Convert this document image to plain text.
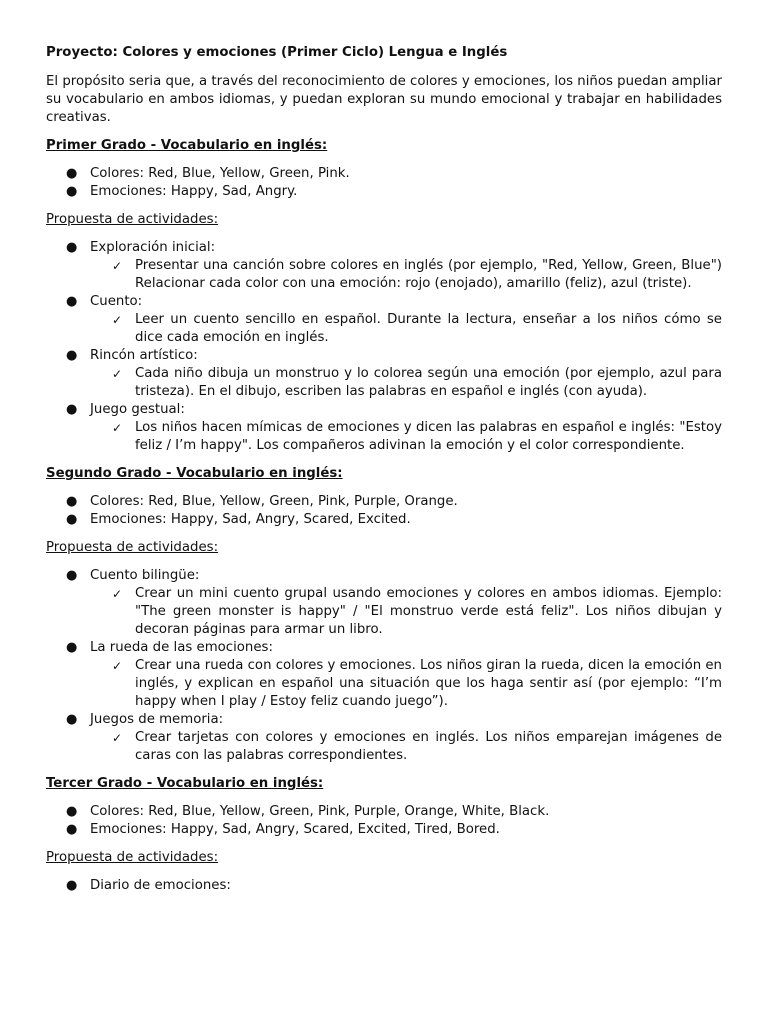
Proyecto: Colores y emociones (Primer Ciclo) Lengua e Inglés

El propósito seria que, a través del reconocimiento de colores y emociones, los niños puedan ampliar su vocabulario en ambos idiomas, y puedan exploran su mundo emocional y trabajar en habilidades creativas.

Primer Grado - Vocabulario en inglés:
● Colores: Red, Blue, Yellow, Green, Pink.
● Emociones: Happy, Sad, Angry.
Propuesta de actividades:
● Exploración inicial:
✓ Presentar una canción sobre colores en inglés (por ejemplo, "Red, Yellow, Green, Blue") Relacionar cada color con una emoción: rojo (enojado), amarillo (feliz), azul (triste).
● Cuento:
✓ Leer un cuento sencillo en español. Durante la lectura, enseñar a los niños cómo se dice cada emoción en inglés.
● Rincón artístico:
✓ Cada niño dibuja un monstruo y lo colorea según una emoción (por ejemplo, azul para tristeza). En el dibujo, escriben las palabras en español e inglés (con ayuda).
● Juego gestual:
✓ Los niños hacen mímicas de emociones y dicen las palabras en español e inglés: "Estoy feliz / I’m happy". Los compañeros adivinan la emoción y el color correspondiente.
Segundo Grado - Vocabulario en inglés:
● Colores: Red, Blue, Yellow, Green, Pink, Purple, Orange.
● Emociones: Happy, Sad, Angry, Scared, Excited.
Propuesta de actividades:
● Cuento bilingüe:
✓ Crear un mini cuento grupal usando emociones y colores en ambos idiomas. Ejemplo: "The green monster is happy" / "El monstruo verde está feliz". Los niños dibujan y decoran páginas para armar un libro.
● La rueda de las emociones:
✓ Crear una rueda con colores y emociones. Los niños giran la rueda, dicen la emoción en inglés, y explican en español una situación que los haga sentir así (por ejemplo: “I’m happy when I play / Estoy feliz cuando juego”).
● Juegos de memoria:
✓ Crear tarjetas con colores y emociones en inglés. Los niños emparejan imágenes de caras con las palabras correspondientes.
Tercer Grado - Vocabulario en inglés:
● Colores: Red, Blue, Yellow, Green, Pink, Purple, Orange, White, Black.
● Emociones: Happy, Sad, Angry, Scared, Excited, Tired, Bored.
Propuesta de actividades:
● Diario de emociones:
